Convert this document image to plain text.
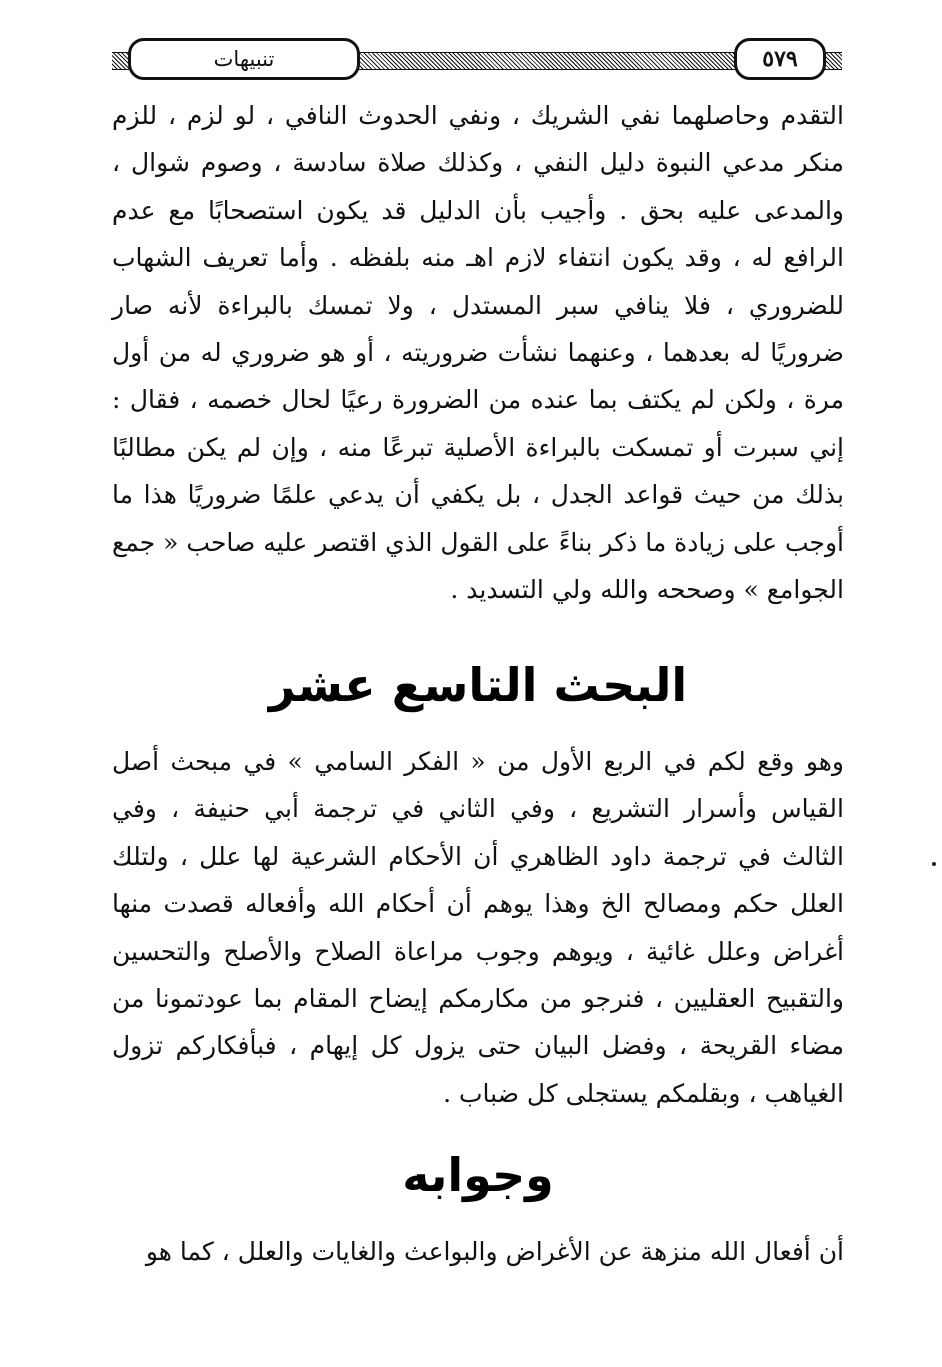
تنبيهات	٥٧٩

التقدم وحاصلهما نفي الشريك ، ونفي الحدوث النافي ، لو لزم ، للزم منكر مدعي النبوة دليل النفي ، وكذلك صلاة سادسة ، وصوم شوال ، والمدعى عليه بحق . وأجيب بأن الدليل قد يكون استصحابًا مع عدم الرافع له ، وقد يكون انتفاء لازم اهـ منه بلفظه . وأما تعريف الشهاب للضروري ، فلا ينافي سبر المستدل ، ولا تمسك بالبراءة لأنه صار ضروريًا له بعدهما ، وعنهما نشأت ضروريته ، أو هو ضروري له من أول مرة ، ولكن لم يكتف بما عنده من الضرورة رعيًا لحال خصمه ، فقال : إني سبرت أو تمسكت بالبراءة الأصلية تبرعًا منه ، وإن لم يكن مطالبًا بذلك من حيث قواعد الجدل ، بل يكفي أن يدعي علمًا ضروريًا هذا ما أوجب على زيادة ما ذكر بناءً على القول الذي اقتصر عليه صاحب « جمع الجوامع » وصححه والله ولي التسديد .

البحث التاسع عشر

وهو وقع لكم في الربع الأول من « الفكر السامي » في مبحث أصل القياس وأسرار التشريع ، وفي الثاني في ترجمة أبي حنيفة ، وفي الثالث في ترجمة داود الظاهري أن الأحكام الشرعية لها علل ، ولتلك العلل حكم ومصالح الخ وهذا يوهم أن أحكام الله وأفعاله قصدت منها أغراض وعلل غائية ، ويوهم وجوب مراعاة الصلاح والأصلح والتحسين والتقبيح العقليين ، فنرجو من مكارمكم إيضاح المقام بما عودتمونا من مضاء القريحة ، وفضل البيان حتى يزول كل إيهام ، فبأفكاركم تزول الغياهب ، وبقلمكم يستجلى كل ضباب .

وجوابه

أن أفعال الله منزهة عن الأغراض والبواعث والغايات والعلل ، كما هو
